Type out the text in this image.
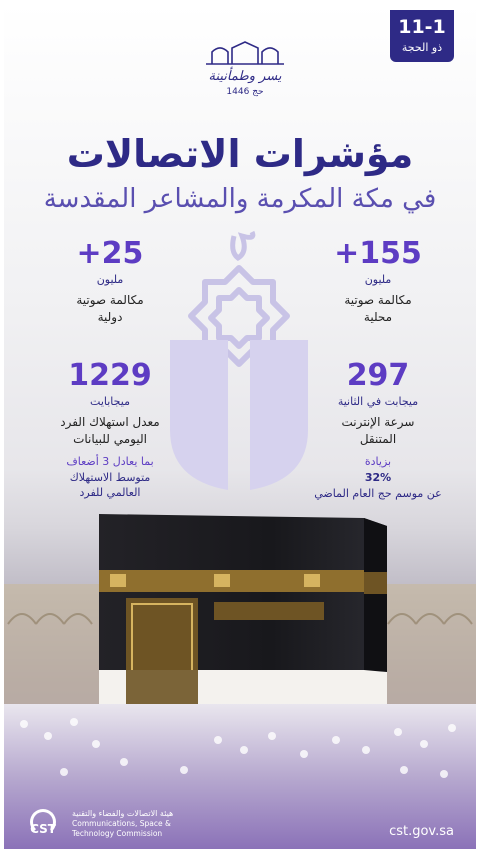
11-1
ذو الحجة
يسر وطمأنينة
حج 1446
مؤشرات الاتصالات
في مكة المكرمة والمشاعر المقدسة
+155
مليون
مكالمة صوتية
محلية
+25
مليون
مكالمة صوتية
دولية
297
ميجابت في الثانية
سرعة الإنترنت
المتنقل
بزيادة
32%
عن موسم حج العام الماضي
1229
ميجابايت
معدل استهلاك الفرد
اليومي للبيانات
بما يعادل 3 أضعاف
متوسط الاستهلاك
العالمي للفرد
CST
هيئة الاتصالات والفضاء والتقنية
Communications, Space &
Technology Commission	cst.gov.sa
